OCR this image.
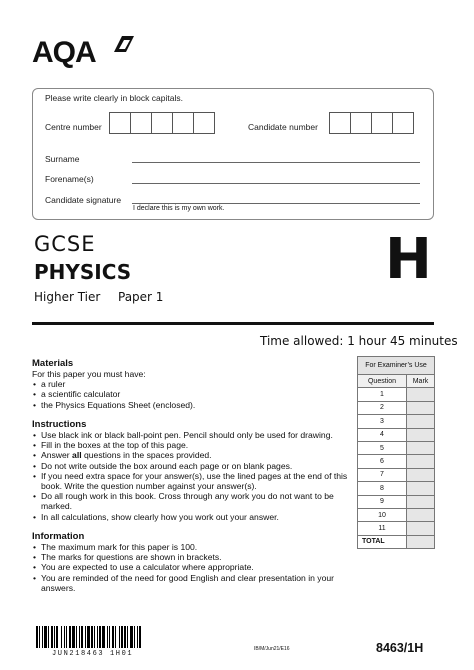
AQA
Please write clearly in block capitals.
Centre number	Candidate number
Surname
Forename(s)
Candidate signature
I declare this is my own work.
GCSE
PHYSICS
Higher Tier Paper 1
H
Time allowed: 1 hour 45 minutes
Materials
For this paper you must have:
• a ruler
• a scientific calculator
• the Physics Equations Sheet (enclosed).
Instructions
• Use black ink or black ball-point pen. Pencil should only be used for drawing.
• Fill in the boxes at the top of this page.
• Answer all questions in the spaces provided.
• Do not write outside the box around each page or on blank pages.
• If you need extra space for your answer(s), use the lined pages at the end of this book. Write the question number against your answer(s).
• Do all rough work in this book. Cross through any work you do not want to be marked.
• In all calculations, show clearly how you work out your answer.
Information
• The maximum mark for this paper is 100.
• The marks for questions are shown in brackets.
• You are expected to use a calculator where appropriate.
• You are reminded of the need for good English and clear presentation in your answers.
For Examiner’s Use	
Question	Mark
1	
2	
3	
4	
5	
6	
7	
8	
9	
10	
11	
TOTAL	
JUN218463 1H01
IB/M/Jun21/E16	8463/1H
